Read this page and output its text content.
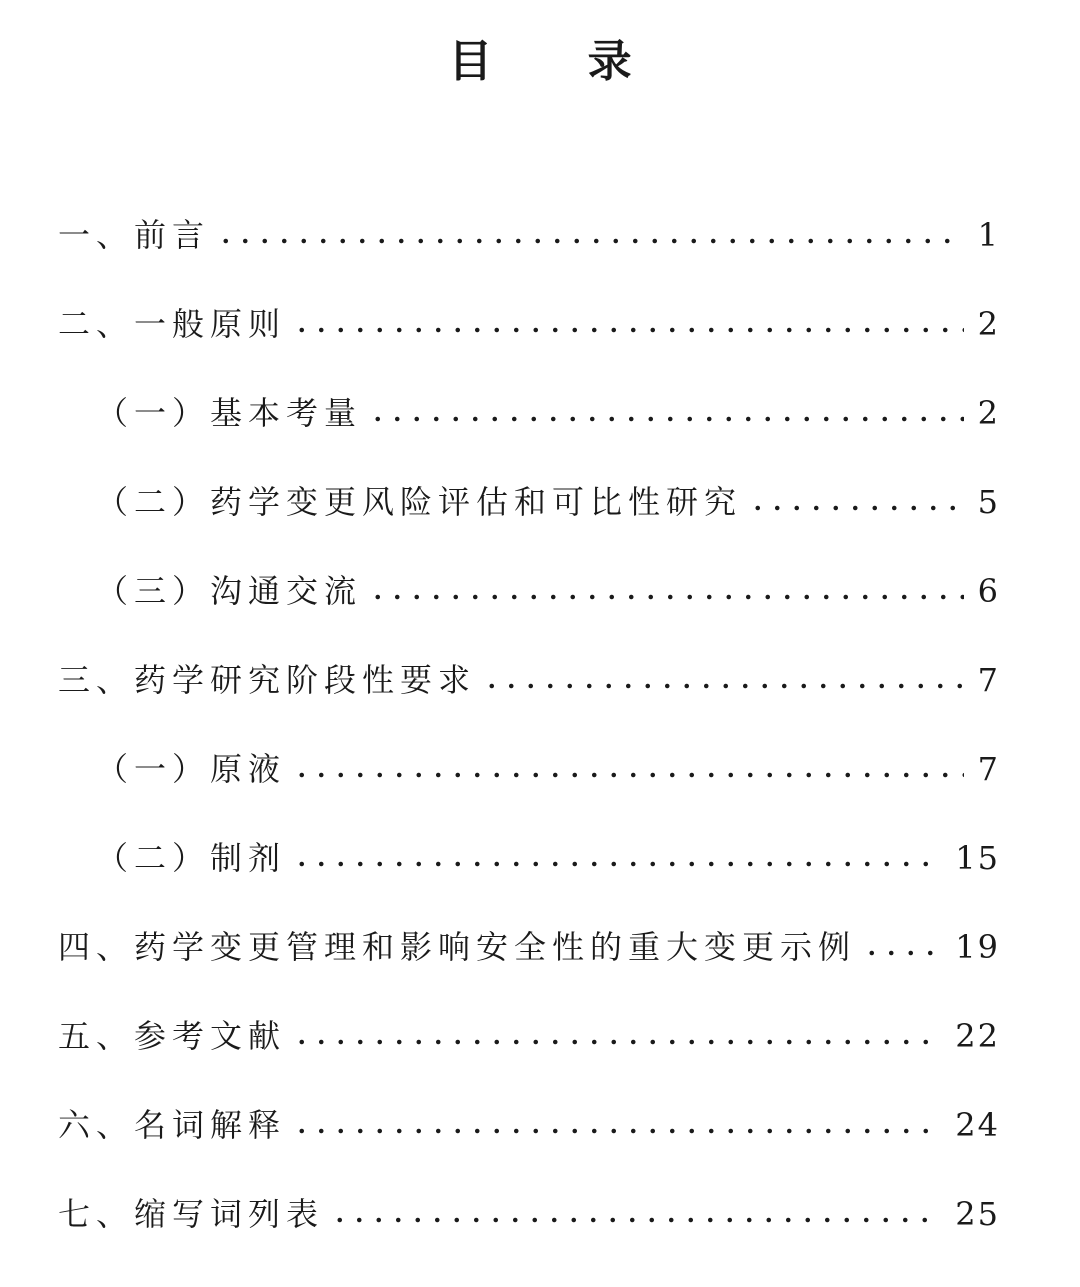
目 录
一、前言	1
二、一般原则	2
（一）基本考量	2
（二）药学变更风险评估和可比性研究	5
（三）沟通交流	6
三、药学研究阶段性要求	7
（一）原液	7
（二）制剂	15
四、药学变更管理和影响安全性的重大变更示例	19
五、参考文献	22
六、名词解释	24
七、缩写词列表	25
